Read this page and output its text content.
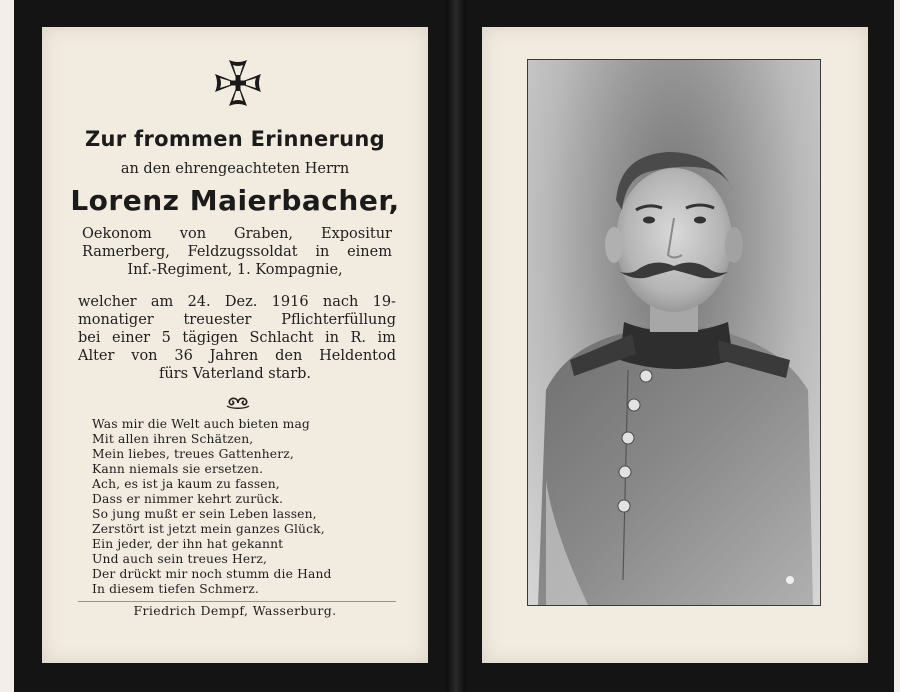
Zur frommen Erinnerung
an den ehrengeachteten Herrn
Lorenz Maierbacher,
Oekonom von Graben, Expositur
Ramerberg, Feldzugssoldat in einem
Inf.-Regiment, 1. Kompagnie,
welcher am 24. Dez. 1916 nach 19-
monatiger treuester Pflichterfüllung
bei einer 5 tägigen Schlacht in R. im
Alter von 36 Jahren den Heldentod
fürs Vaterland starb.
Was mir die Welt auch bieten mag
Mit allen ihren Schätzen,
Mein liebes, treues Gattenherz,
Kann niemals sie ersetzen.
Ach, es ist ja kaum zu fassen,
Dass er nimmer kehrt zurück.
So jung mußt er sein Leben lassen,
Zerstört ist jetzt mein ganzes Glück,
Ein jeder, der ihn hat gekannt
Und auch sein treues Herz,
Der drückt mir noch stumm die Hand
In diesem tiefen Schmerz.
Friedrich Dempf, Wasserburg.
